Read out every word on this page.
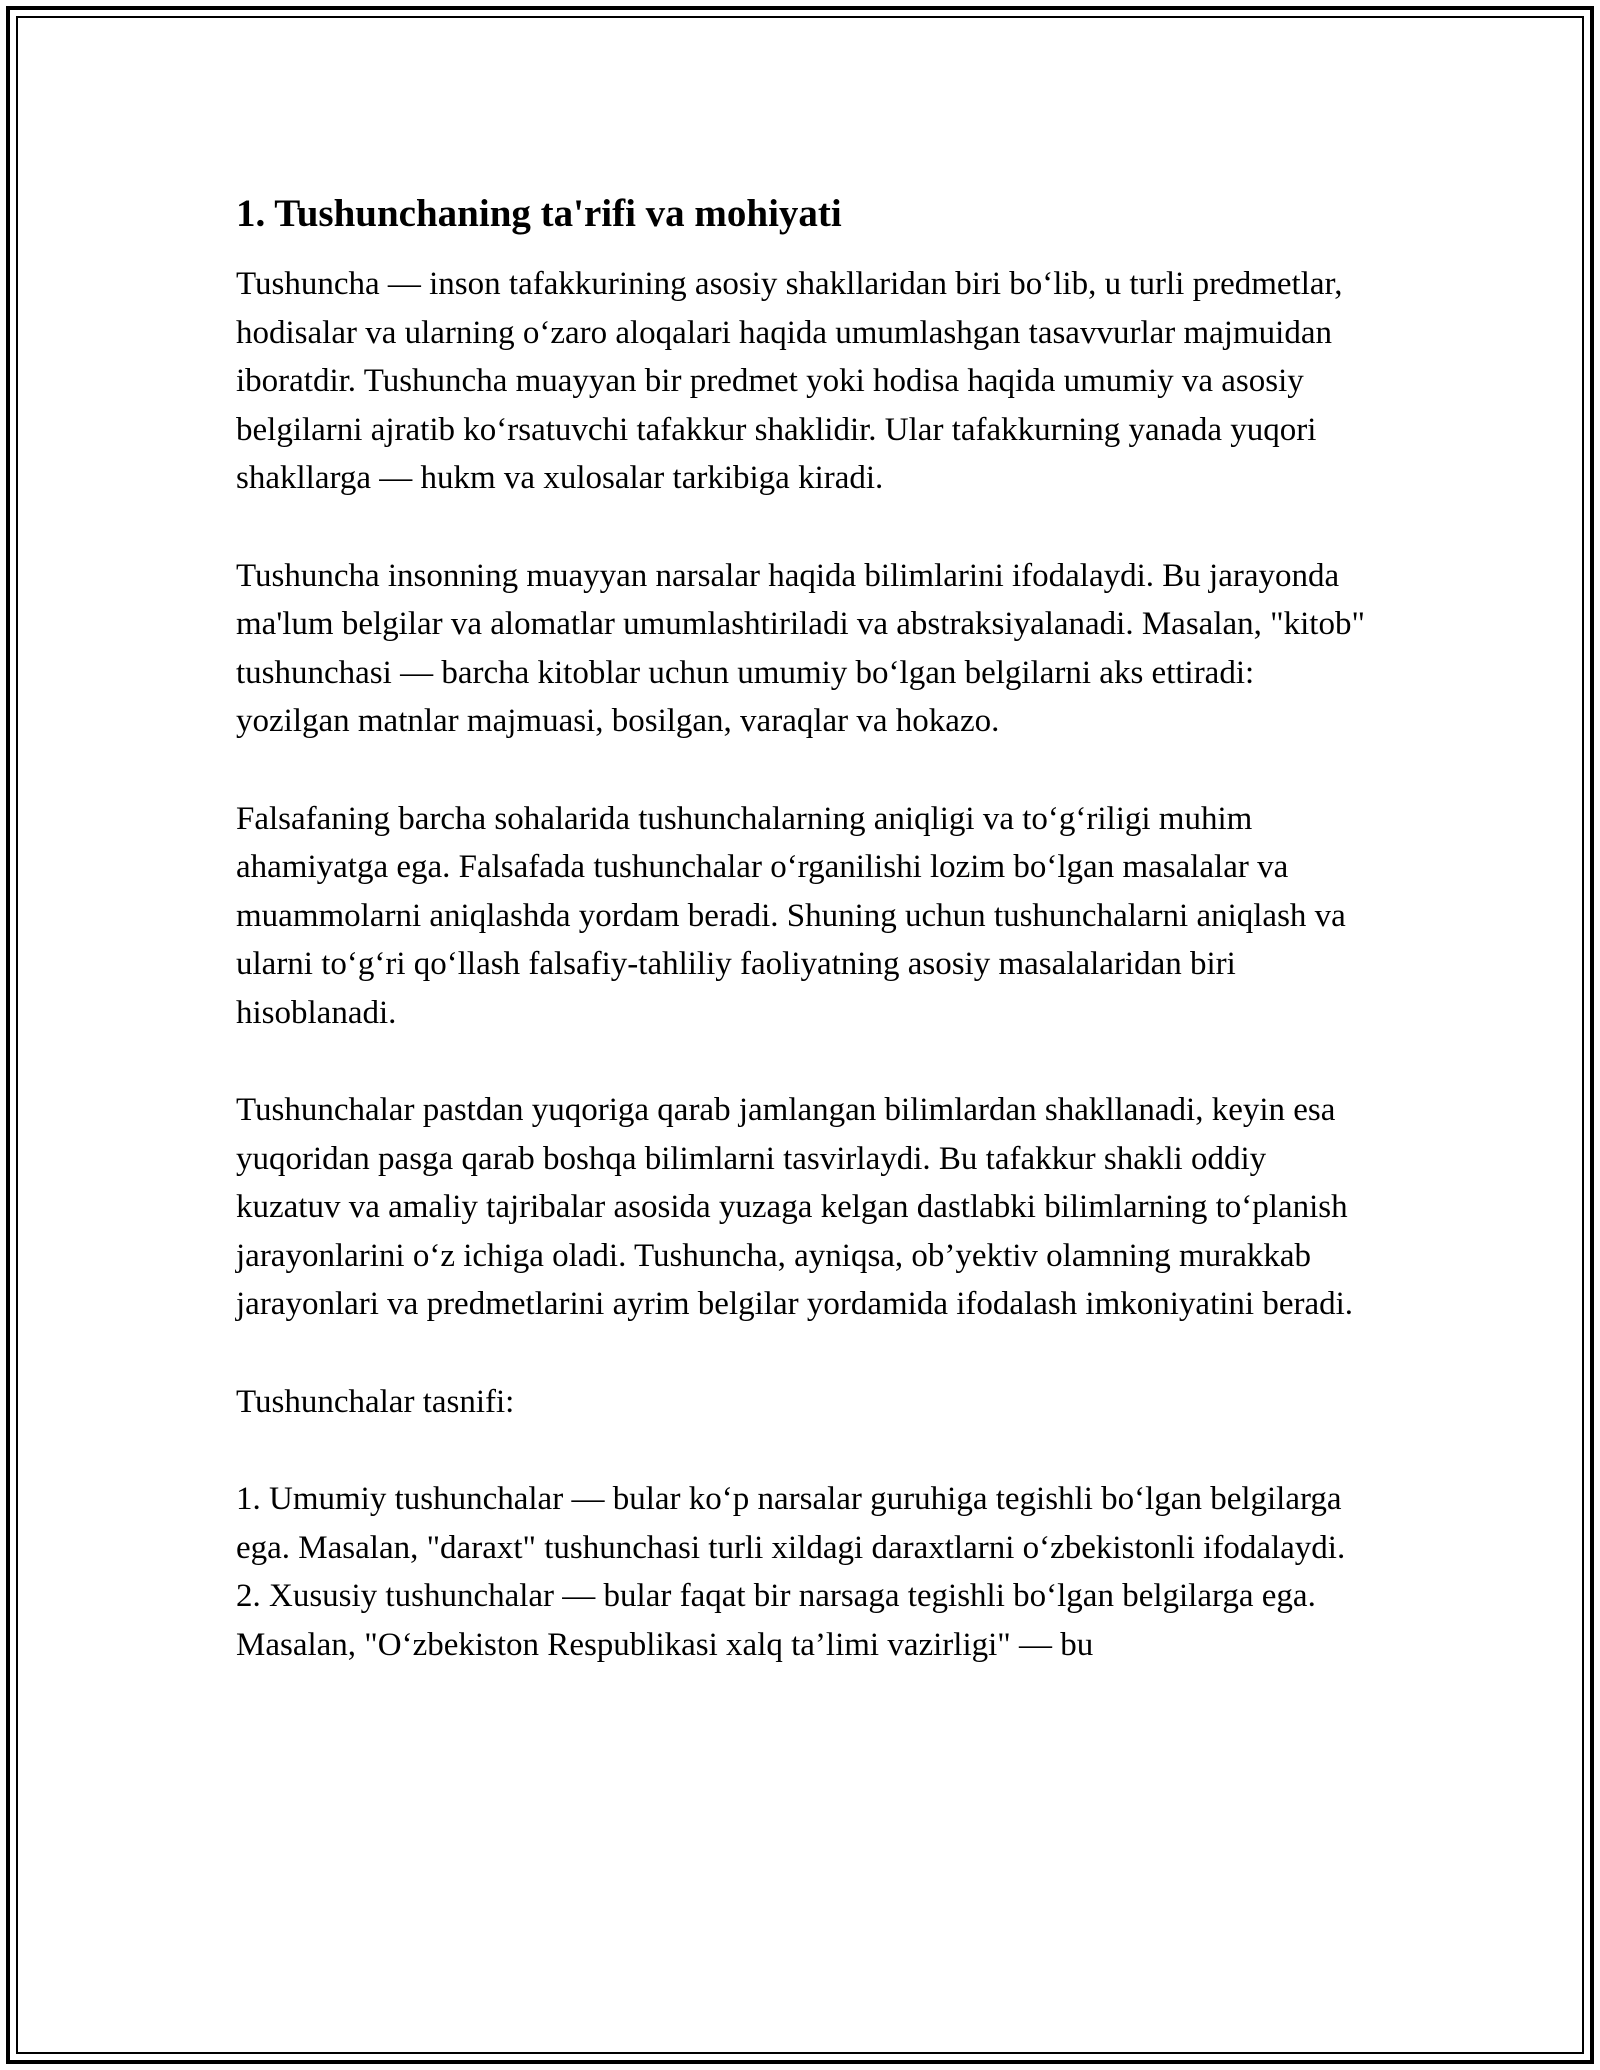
1. Tushunchaning ta'rifi va mohiyati

Tushuncha — inson tafakkurining asosiy shakllaridan biri bo‘lib, u turli predmetlar, hodisalar va ularning o‘zaro aloqalari haqida umumlashgan tasavvurlar majmuidan iboratdir. Tushuncha muayyan bir predmet yoki hodisa haqida umumiy va asosiy belgilarni ajratib ko‘rsatuvchi tafakkur shaklidir. Ular tafakkurning yanada yuqori shakllarga — hukm va xulosalar tarkibiga kiradi.

Tushuncha insonning muayyan narsalar haqida bilimlarini ifodalaydi. Bu jarayonda ma'lum belgilar va alomatlar umumlashtiriladi va abstraksiyalanadi. Masalan, "kitob" tushunchasi — barcha kitoblar uchun umumiy bo‘lgan belgilarni aks ettiradi: yozilgan matnlar majmuasi, bosilgan, varaqlar va hokazo.

Falsafaning barcha sohalarida tushunchalarning aniqligi va to‘g‘riligi muhim ahamiyatga ega. Falsafada tushunchalar o‘rganilishi lozim bo‘lgan masalalar va muammolarni aniqlashda yordam beradi. Shuning uchun tushunchalarni aniqlash va ularni to‘g‘ri qo‘llash falsafiy-tahliliy faoliyatning asosiy masalalaridan biri hisoblanadi.

Tushunchalar pastdan yuqoriga qarab jamlangan bilimlardan shakllanadi, keyin esa yuqoridan pasga qarab boshqa bilimlarni tasvirlaydi. Bu tafakkur shakli oddiy kuzatuv va amaliy tajribalar asosida yuzaga kelgan dastlabki bilimlarning to‘planish jarayonlarini o‘z ichiga oladi. Tushuncha, ayniqsa, ob’yektiv olamning murakkab jarayonlari va predmetlarini ayrim belgilar yordamida ifodalash imkoniyatini beradi.

Tushunchalar tasnifi:

1. Umumiy tushunchalar — bular ko‘p narsalar guruhiga tegishli bo‘lgan belgilarga ega. Masalan, "daraxt" tushunchasi turli xildagi daraxtlarni o‘zbekistonli ifodalaydi.
2. Xususiy tushunchalar — bular faqat bir narsaga tegishli bo‘lgan belgilarga ega. Masalan, "O‘zbekiston Respublikasi xalq ta’limi vazirligi" — bu
